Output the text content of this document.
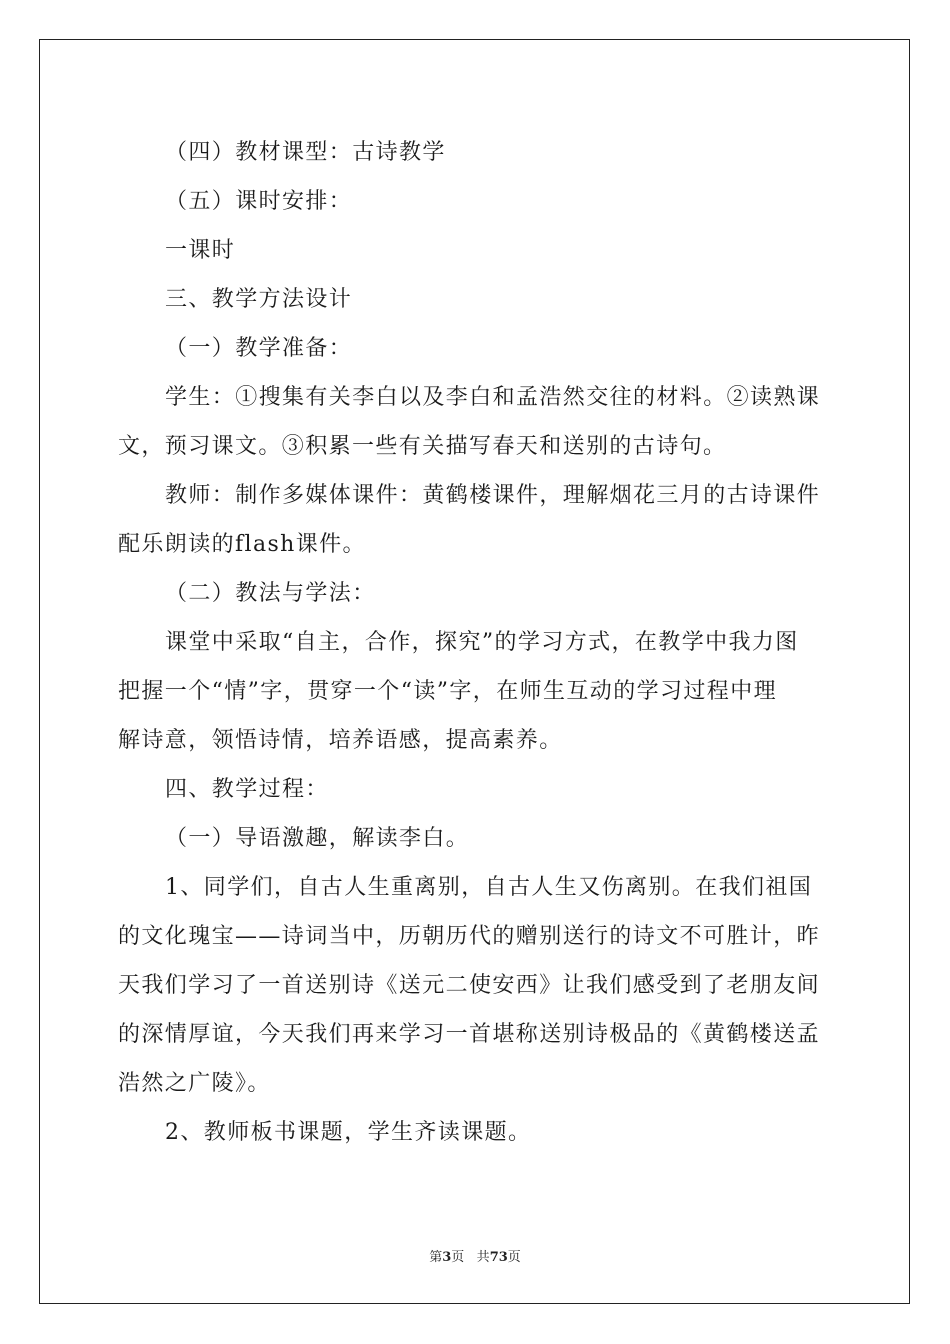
（四）教材课型：古诗教学

（五）课时安排：

一课时

三、教学方法设计

（一）教学准备：

学生：①搜集有关李白以及李白和孟浩然交往的材料。②读熟课

文，预习课文。③积累一些有关描写春天和送别的古诗句。

教师：制作多媒体课件：黄鹤楼课件，理解烟花三月的古诗课件

配乐朗读的flash课件。

（二）教法与学法：

课堂中采取“自主，合作，探究”的学习方式，在教学中我力图

把握一个“情”字，贯穿一个“读”字，在师生互动的学习过程中理

解诗意，领悟诗情，培养语感，提高素养。

四、教学过程：

（一）导语激趣，解读李白。

1、同学们，自古人生重离别，自古人生又伤离别。在我们祖国

的文化瑰宝——诗词当中，历朝历代的赠别送行的诗文不可胜计，昨

天我们学习了一首送别诗《送元二使安西》让我们感受到了老朋友间

的深情厚谊，今天我们再来学习一首堪称送别诗极品的《黄鹤楼送孟

浩然之广陵》。

2、教师板书课题，学生齐读课题。

第3页 共73页
